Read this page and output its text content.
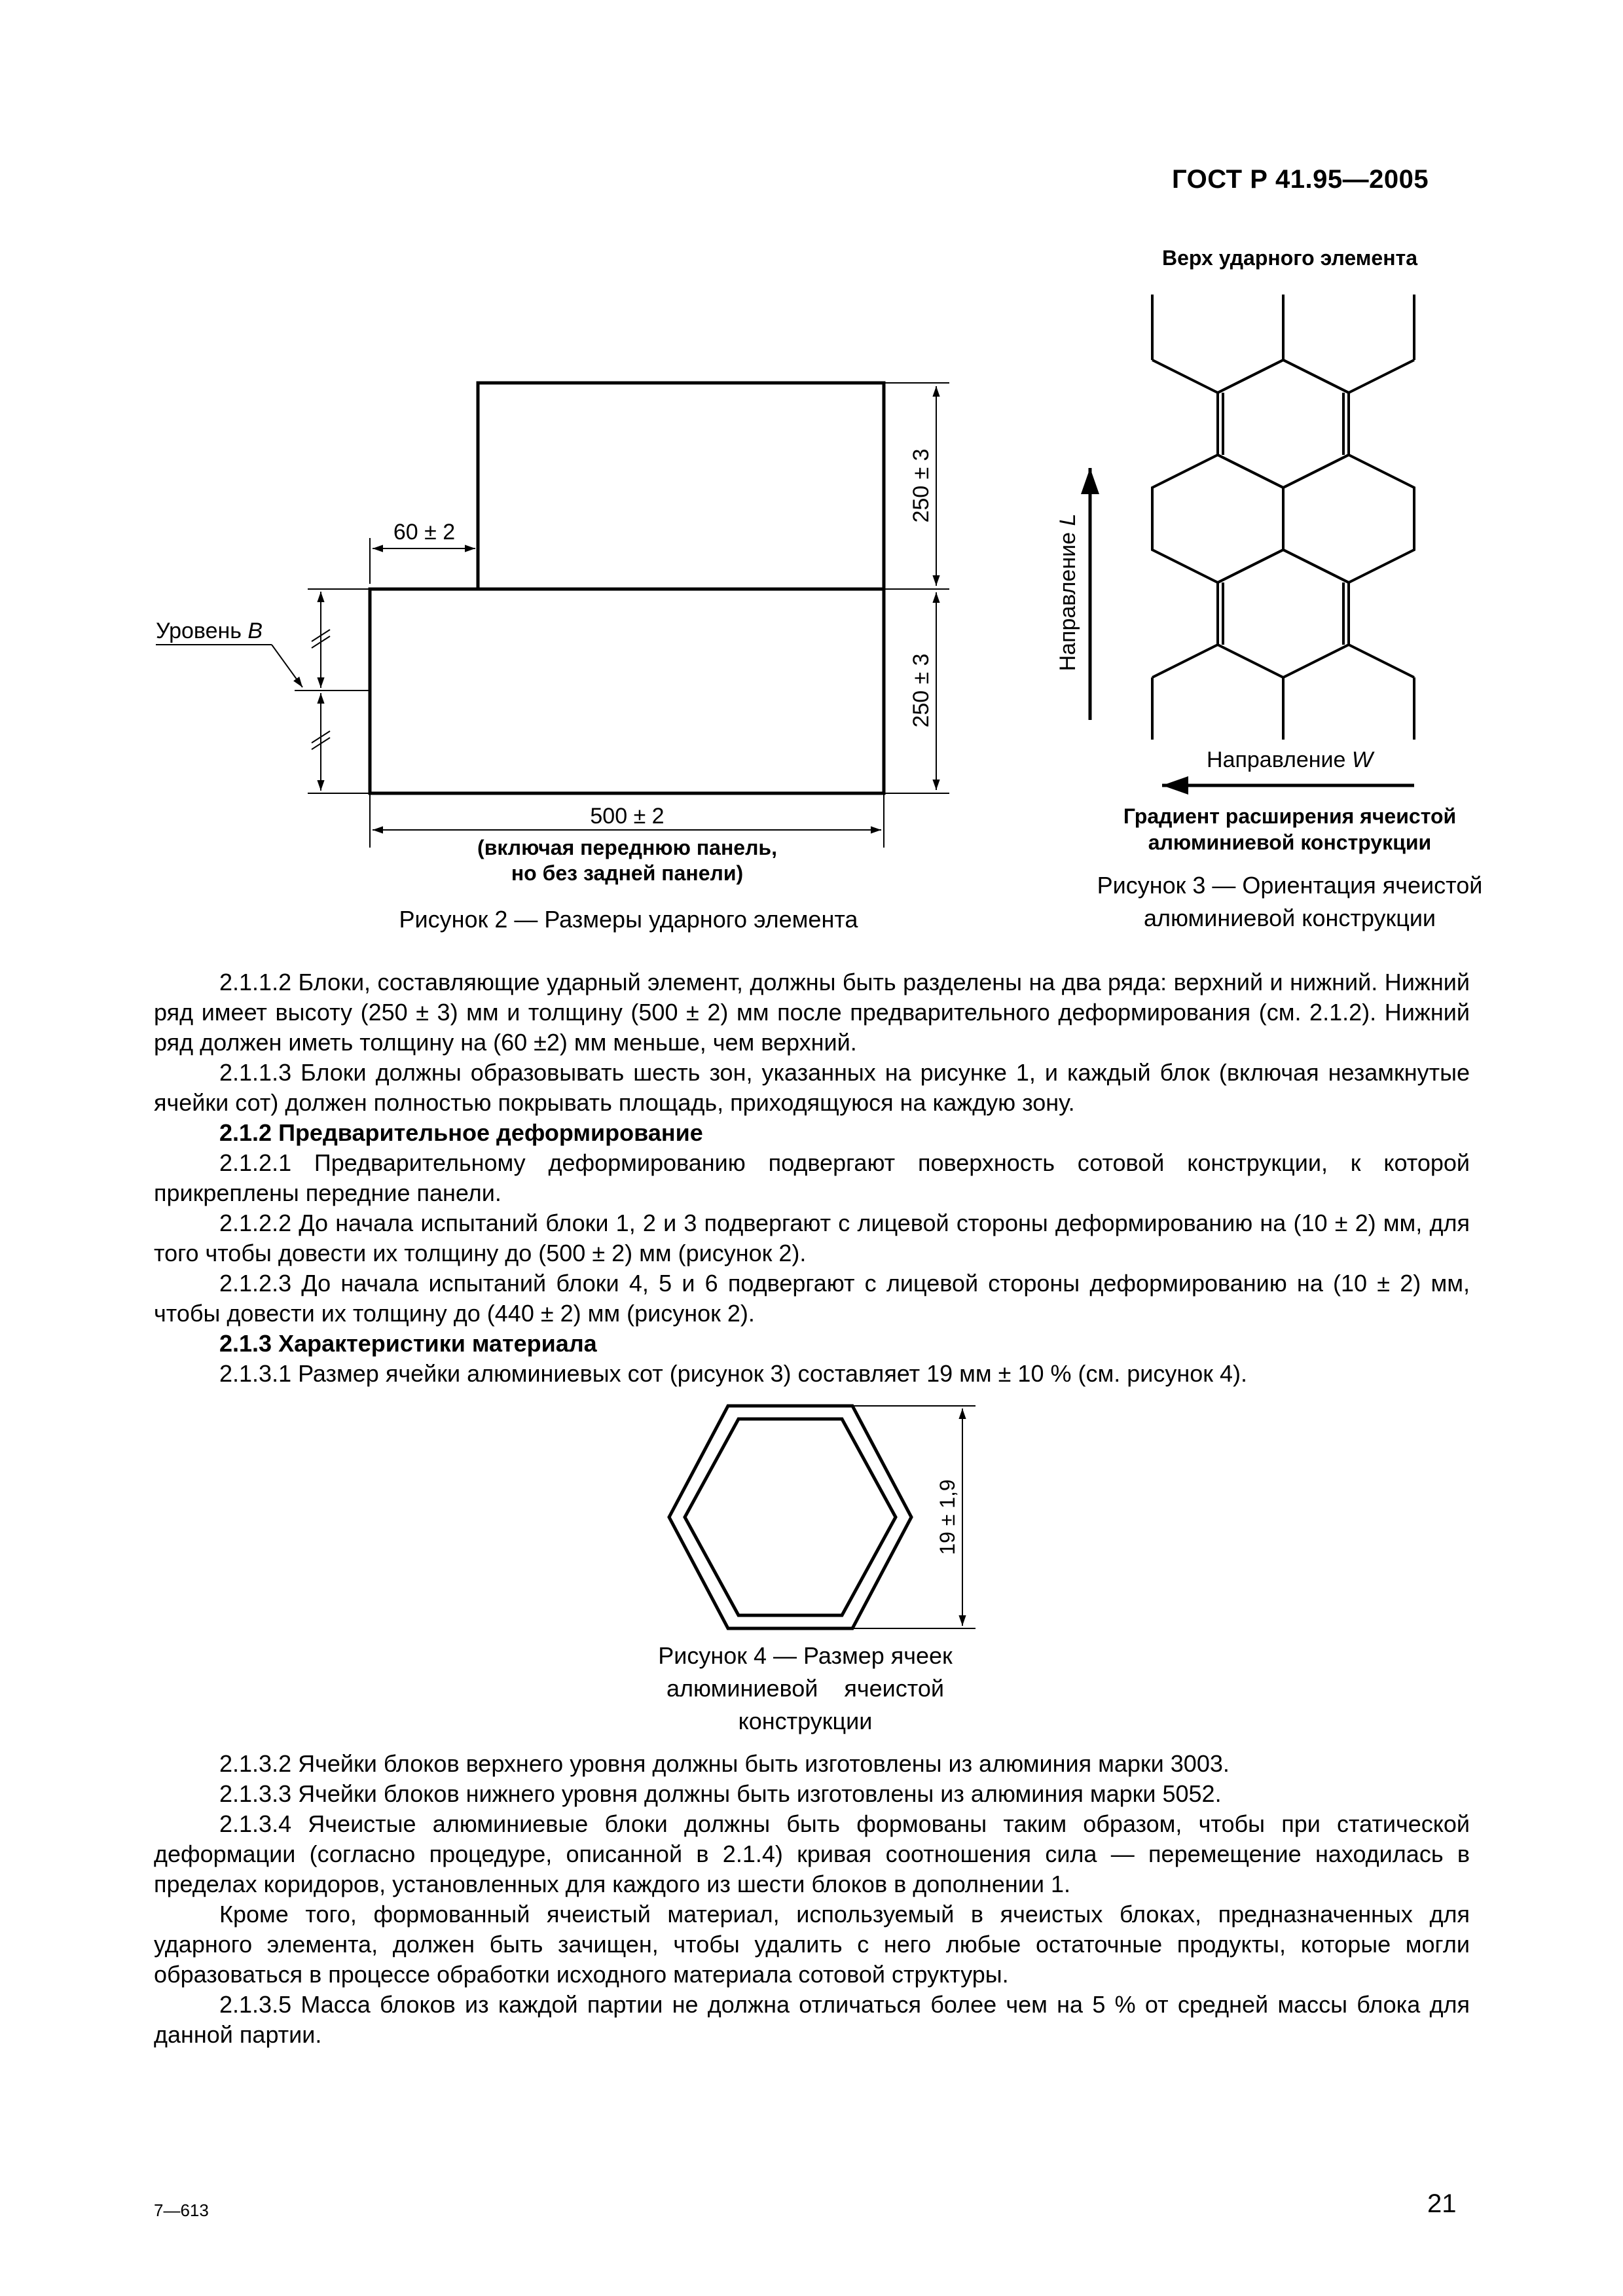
ГОСТ Р 41.95—2005
60 ± 2
250 ± 3
250 ± 3
Уровень B
500 ± 2
(включая переднюю панель,
но без задней панели)
Верх ударного элемента
Направление L
Направление W
Градиент расширения ячеистой
алюминиевой конструкции
19 ± 1,9
Рисунок 2 — Размеры ударного элемента
Рисунок 3 — Ориентация ячеистой
алюминиевой конструкции

2.1.1.2 Блоки, составляющие ударный элемент, должны быть разделены на два ряда: верхний и нижний. Нижний ряд имеет высоту (250 ± 3) мм и толщину (500 ± 2) мм после предварительного деформирования (см. 2.1.2). Нижний ряд должен иметь толщину на (60 ±2) мм меньше, чем верхний.

2.1.1.3 Блоки должны образовывать шесть зон, указанных на рисунке 1, и каждый блок (включая незамкнутые ячейки сот) должен полностью покрывать площадь, приходящуюся на каждую зону.

2.1.2 Предварительное деформирование

2.1.2.1 Предварительному деформированию подвергают поверхность сотовой конструкции, к которой прикреплены передние панели.

2.1.2.2 До начала испытаний блоки 1, 2 и 3 подвергают с лицевой стороны деформированию на (10 ± 2) мм, для того чтобы довести их толщину до (500 ± 2) мм (рисунок 2).

2.1.2.3 До начала испытаний блоки 4, 5 и 6 подвергают с лицевой стороны деформированию на (10 ± 2) мм, чтобы довести их толщину до (440 ± 2) мм (рисунок 2).

2.1.3 Характеристики материала

2.1.3.1 Размер ячейки алюминиевых сот (рисунок 3) составляет 19 мм ± 10 % (см. рисунок 4).

Рисунок 4 — Размер ячеек
алюминиевой    ячеистой
конструкции

2.1.3.2 Ячейки блоков верхнего уровня должны быть изготовлены из алюминия марки 3003.

2.1.3.3 Ячейки блоков нижнего уровня должны быть изготовлены из алюминия марки 5052.

2.1.3.4 Ячеистые алюминиевые блоки должны быть формованы таким образом, чтобы при статической деформации (согласно процедуре, описанной в 2.1.4) кривая соотношения сила — перемещение находилась в пределах коридоров, установленных для каждого из шести блоков в дополнении 1.

Кроме того, формованный ячеистый материал, используемый в ячеистых блоках, предназначенных для ударного элемента, должен быть зачищен, чтобы удалить с него любые остаточные продукты, которые могли образоваться в процессе обработки исходного материала сотовой структуры.

2.1.3.5 Масса блоков из каждой партии не должна отличаться более чем на 5 % от средней массы блока для данной партии.

7—613	21
